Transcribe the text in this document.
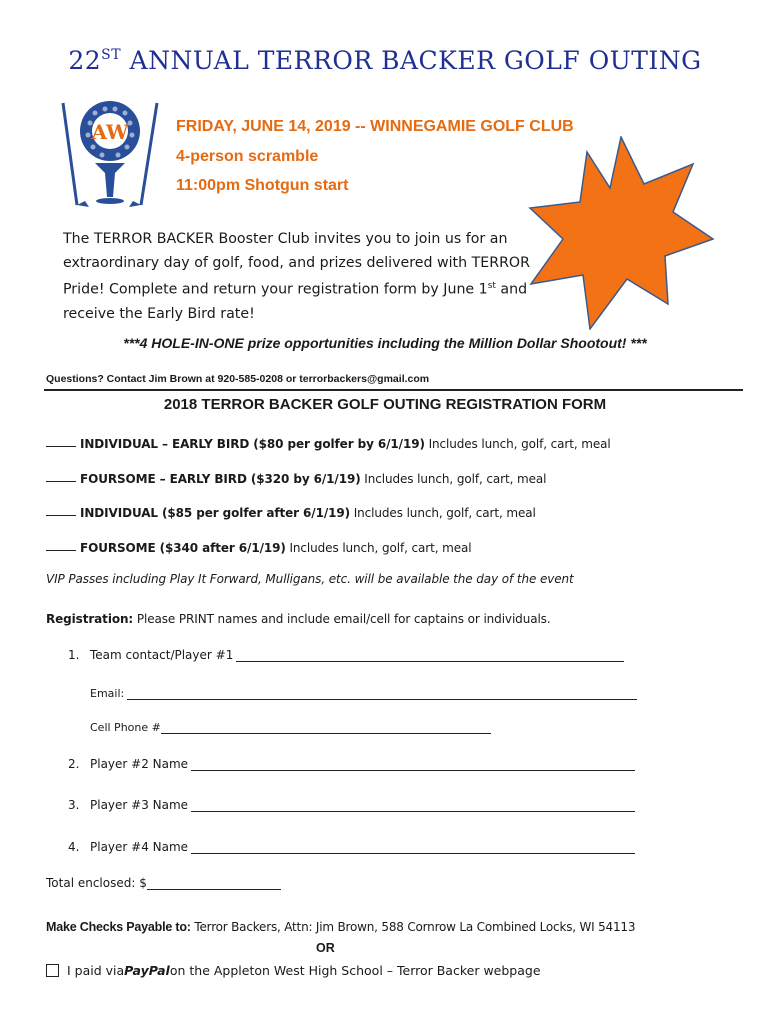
22ST ANNUAL TERROR BACKER GOLF OUTING
AW	FRIDAY, JUNE 14, 2019 -- WINNEGAMIE GOLF CLUB
4-person scramble
11:00pm Shotgun start
The TERROR BACKER Booster Club invites you to join us for an extraordinary day of golf, food, and prizes delivered with TERROR Pride! Complete and return your registration form by June 1st and receive the Early Bird rate!
***4 HOLE-IN-ONE prize opportunities including the Million Dollar Shootout! ***
Questions? Contact Jim Brown at 920-585-0208 or terrorbackers@gmail.com
2018 TERROR BACKER GOLF OUTING REGISTRATION FORM
INDIVIDUAL – EARLY BIRD ($80 per golfer by 6/1/19) Includes lunch, golf, cart, meal
FOURSOME – EARLY BIRD ($320 by 6/1/19) Includes lunch, golf, cart, meal
INDIVIDUAL ($85 per golfer after 6/1/19) Includes lunch, golf, cart, meal
FOURSOME ($340 after 6/1/19) Includes lunch, golf, cart, meal
VIP Passes including Play It Forward, Mulligans, etc. will be available the day of the event
Registration: Please PRINT names and include email/cell for captains or individuals.
1. Team contact/Player #1
Email:
Cell Phone #
2. Player #2 Name
3. Player #3 Name
4. Player #4 Name
Total enclosed: $
Make Checks Payable to: Terror Backers, Attn: Jim Brown, 588 Cornrow La Combined Locks, WI 54113
OR
I paid via PayPal on the Appleton West High School – Terror Backer webpage
